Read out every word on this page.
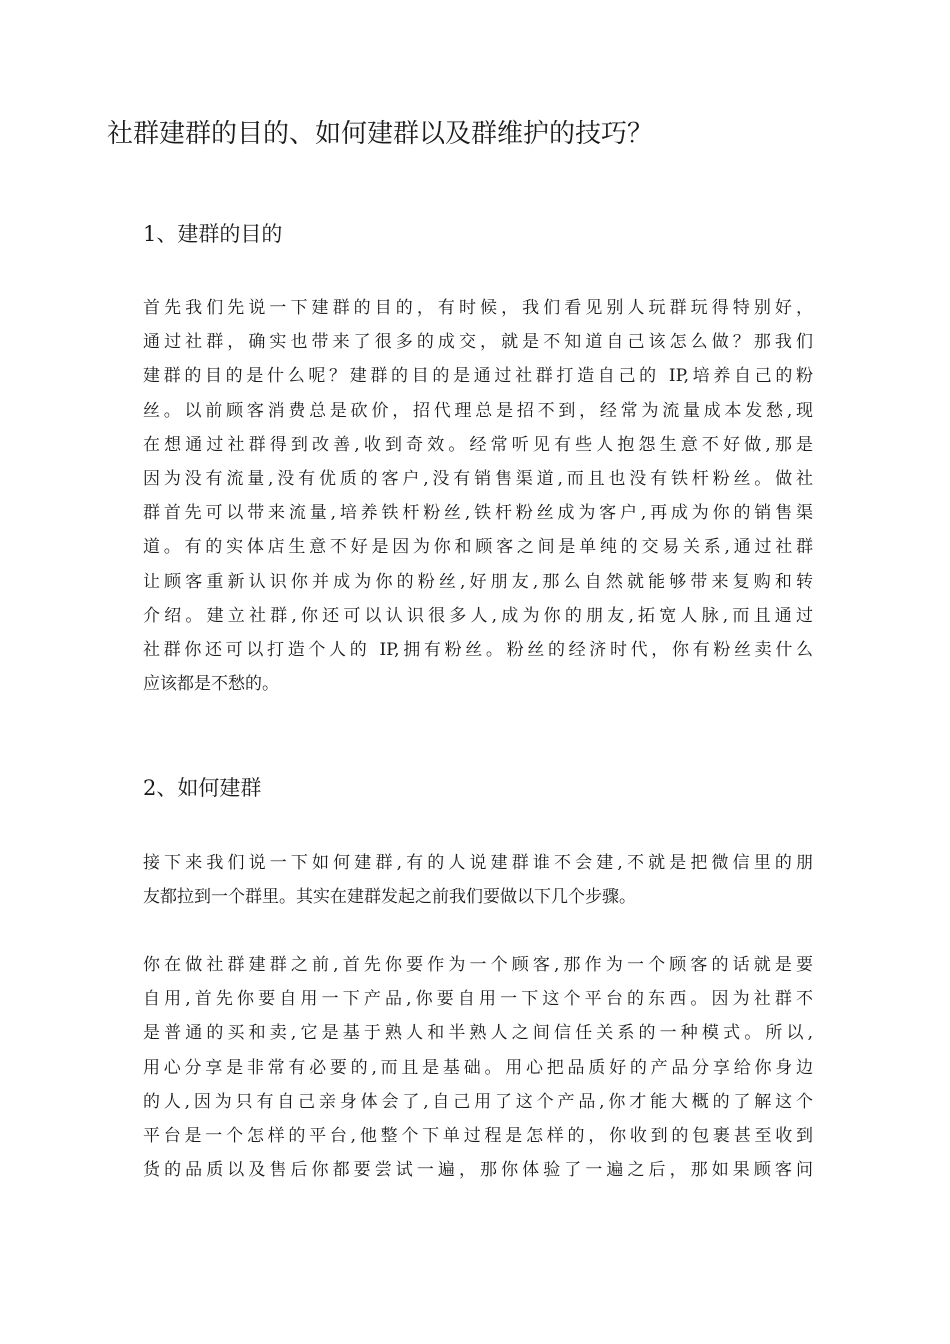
社群建群的目的、如何建群以及群维护的技巧？
1、建群的目的
首先我们先说一下建群的目的，有时候，我们看见别人玩群玩得特别好，
通过社群，确实也带来了很多的成交，就是不知道自己该怎么做？那我们
建群的目的是什么呢？建群的目的是通过社群打造自己的 IP,培养自己的粉
丝。以前顾客消费总是砍价，招代理总是招不到，经常为流量成本发愁,现
在想通过社群得到改善,收到奇效。经常听见有些人抱怨生意不好做,那是
因为没有流量,没有优质的客户,没有销售渠道,而且也没有铁杆粉丝。做社
群首先可以带来流量,培养铁杆粉丝,铁杆粉丝成为客户,再成为你的销售渠
道。有的实体店生意不好是因为你和顾客之间是单纯的交易关系,通过社群
让顾客重新认识你并成为你的粉丝,好朋友,那么自然就能够带来复购和转
介绍。建立社群,你还可以认识很多人,成为你的朋友,拓宽人脉,而且通过
社群你还可以打造个人的 IP,拥有粉丝。粉丝的经济时代，你有粉丝卖什么
应该都是不愁的。
2、如何建群
接下来我们说一下如何建群,有的人说建群谁不会建,不就是把微信里的朋
友都拉到一个群里。其实在建群发起之前我们要做以下几个步骤。
你在做社群建群之前,首先你要作为一个顾客,那作为一个顾客的话就是要
自用,首先你要自用一下产品,你要自用一下这个平台的东西。因为社群不
是普通的买和卖,它是基于熟人和半熟人之间信任关系的一种模式。所以,
用心分享是非常有必要的,而且是基础。用心把品质好的产品分享给你身边
的人,因为只有自己亲身体会了,自己用了这个产品,你才能大概的了解这个
平台是一个怎样的平台,他整个下单过程是怎样的，你收到的包裹甚至收到
货的品质以及售后你都要尝试一遍，那你体验了一遍之后，那如果顾客问
